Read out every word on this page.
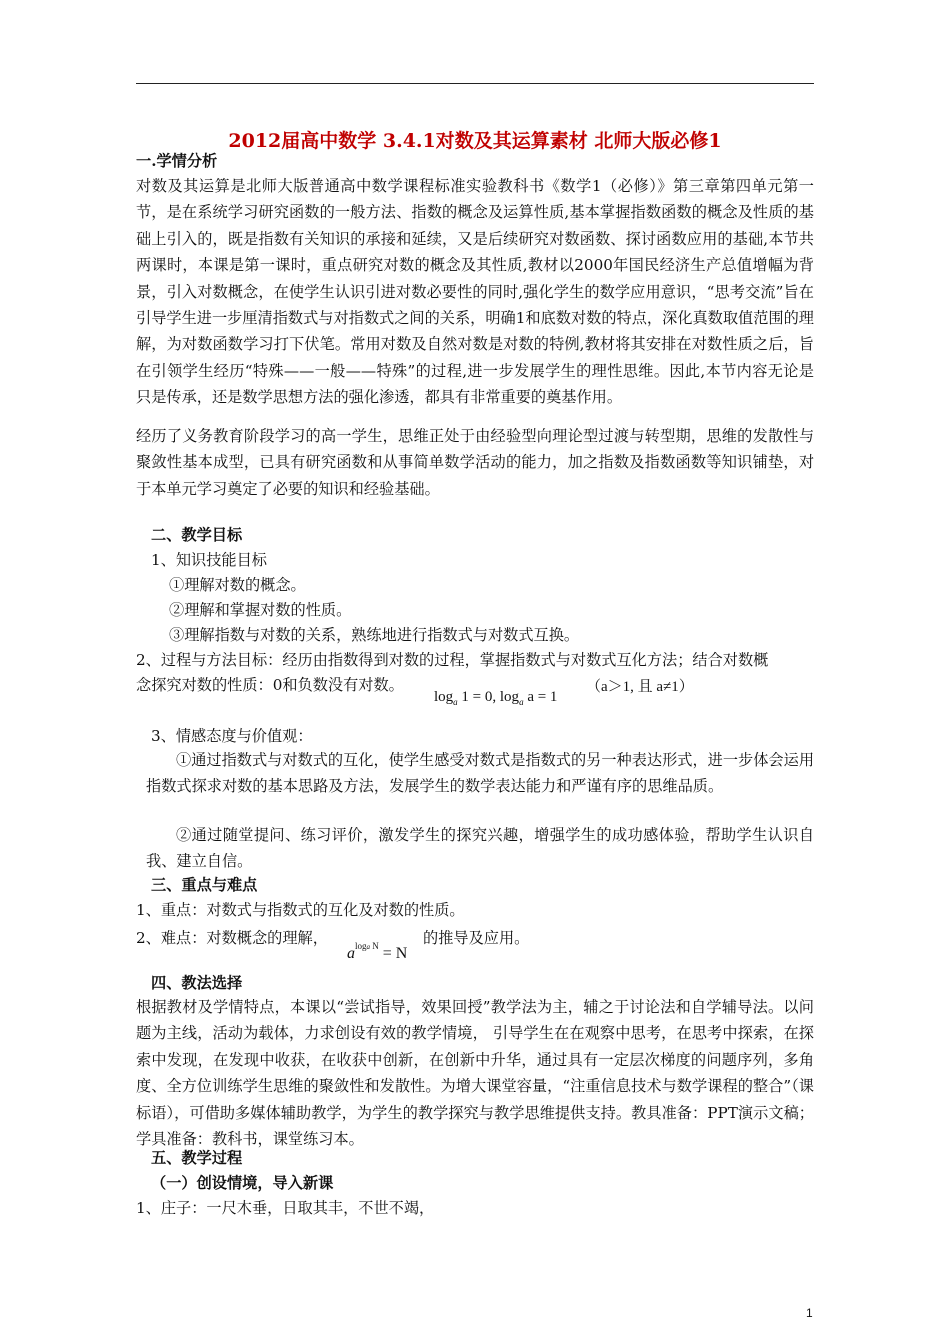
2012届高中数学 3.4.1对数及其运算素材 北师大版必修1
一.学情分析
对数及其运算是北师大版普通高中数学课程标准实验教科书《数学1（必修）》第三章第四单元第一节，是在系统学习研究函数的一般方法、指数的概念及运算性质,基本掌握指数函数的概念及性质的基础上引入的，既是指数有关知识的承接和延续，又是后续研究对数函数、探讨函数应用的基础,本节共两课时，本课是第一课时，重点研究对数的概念及其性质,教材以2000年国民经济生产总值增幅为背景，引入对数概念，在使学生认识引进对数必要性的同时,强化学生的数学应用意识，“思考交流”旨在引导学生进一步厘清指数式与对指数式之间的关系，明确1和底数对数的特点，深化真数取值范围的理解，为对数函数学习打下伏笔。常用对数及自然对数是对数的特例,教材将其安排在对数性质之后，旨在引领学生经历“特殊——一般——特殊”的过程,进一步发展学生的理性思维。因此,本节内容无论是只是传承，还是数学思想方法的强化渗透，都具有非常重要的奠基作用。
经历了义务教育阶段学习的高一学生，思维正处于由经验型向理论型过渡与转型期，思维的发散性与聚敛性基本成型，已具有研究函数和从事简单数学活动的能力，加之指数及指数函数等知识铺垫，对于本单元学习奠定了必要的知识和经验基础。
二、教学目标
1、知识技能目标
①理解对数的概念。
②理解和掌握对数的性质。
③理解指数与对数的关系，熟练地进行指数式与对数式互换。
2、过程与方法目标：经历由指数得到对数的过程，掌握指数式与对数式互化方法；结合对数概
念探究对数的性质：0和负数没有对数。
$\log_a 1 = 0$, $\log_a a = 1$
（a＞1, 且 a≠1）
3、情感态度与价值观：
①通过指数式与对数式的互化，使学生感受对数式是指数式的另一种表达形式，进一步体会运用指数式探求对数的基本思路及方法，发展学生的数学表达能力和严谨有序的思维品质。
②通过随堂提问、练习评价，激发学生的探究兴趣，增强学生的成功感体验，帮助学生认识自我、建立自信。
三、重点与难点
1、重点：对数式与指数式的互化及对数的性质。
2、难点：对数概念的理解，
$a^{loga N} = N$
的推导及应用。
四、教法选择
根据教材及学情特点，本课以“尝试指导，效果回授”教学法为主，辅之于讨论法和自学辅导法。以问题为主线，活动为载体，力求创设有效的教学情境， 引导学生在在观察中思考，在思考中探索，在探索中发现，在发现中收获，在收获中创新，在创新中升华，通过具有一定层次梯度的问题序列，多角度、全方位训练学生思维的聚敛性和发散性。为增大课堂容量，“注重信息技术与数学课程的整合”（课标语），可借助多媒体辅助教学，为学生的教学探究与教学思维提供支持。教具准备：PPT演示文稿；学具准备：教科书，课堂练习本。
五、教学过程
（一）创设情境，导入新课
1、庄子：一尺木垂，日取其丰，不世不竭，
1
